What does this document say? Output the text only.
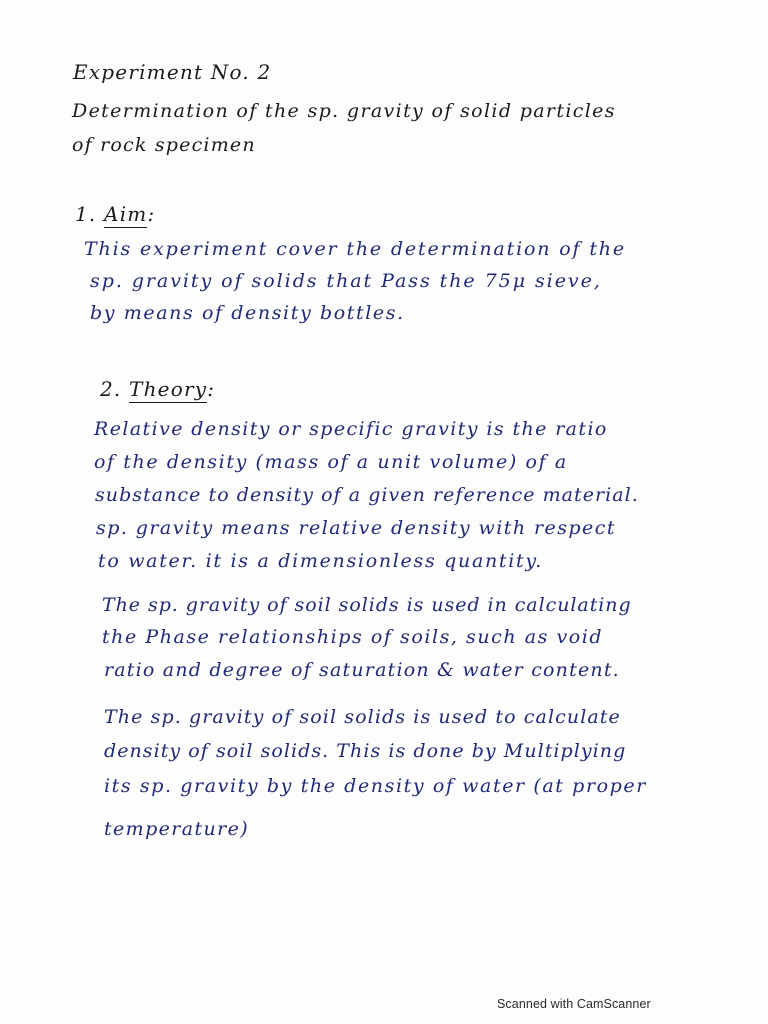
Experiment No. 2
Determination of the sp. gravity of solid particles
of rock specimen
1. Aim:
This experiment cover the determination of the
sp. gravity of solids that Pass the 75μ sieve,
by means of density bottles.
2. Theory:
Relative density or specific gravity is the ratio
of the density (mass of a unit volume) of a
substance to density of a given reference material.
sp. gravity means relative density with respect
to water. it is a dimensionless quantity.
The sp. gravity of soil solids is used in calculating
the Phase relationships of soils, such as void
ratio and degree of saturation & water content.
The sp. gravity of soil solids is used to calculate
density of soil solids. This is done by Multiplying
its sp. gravity by the density of water (at proper
temperature)
Scanned with CamScanner
